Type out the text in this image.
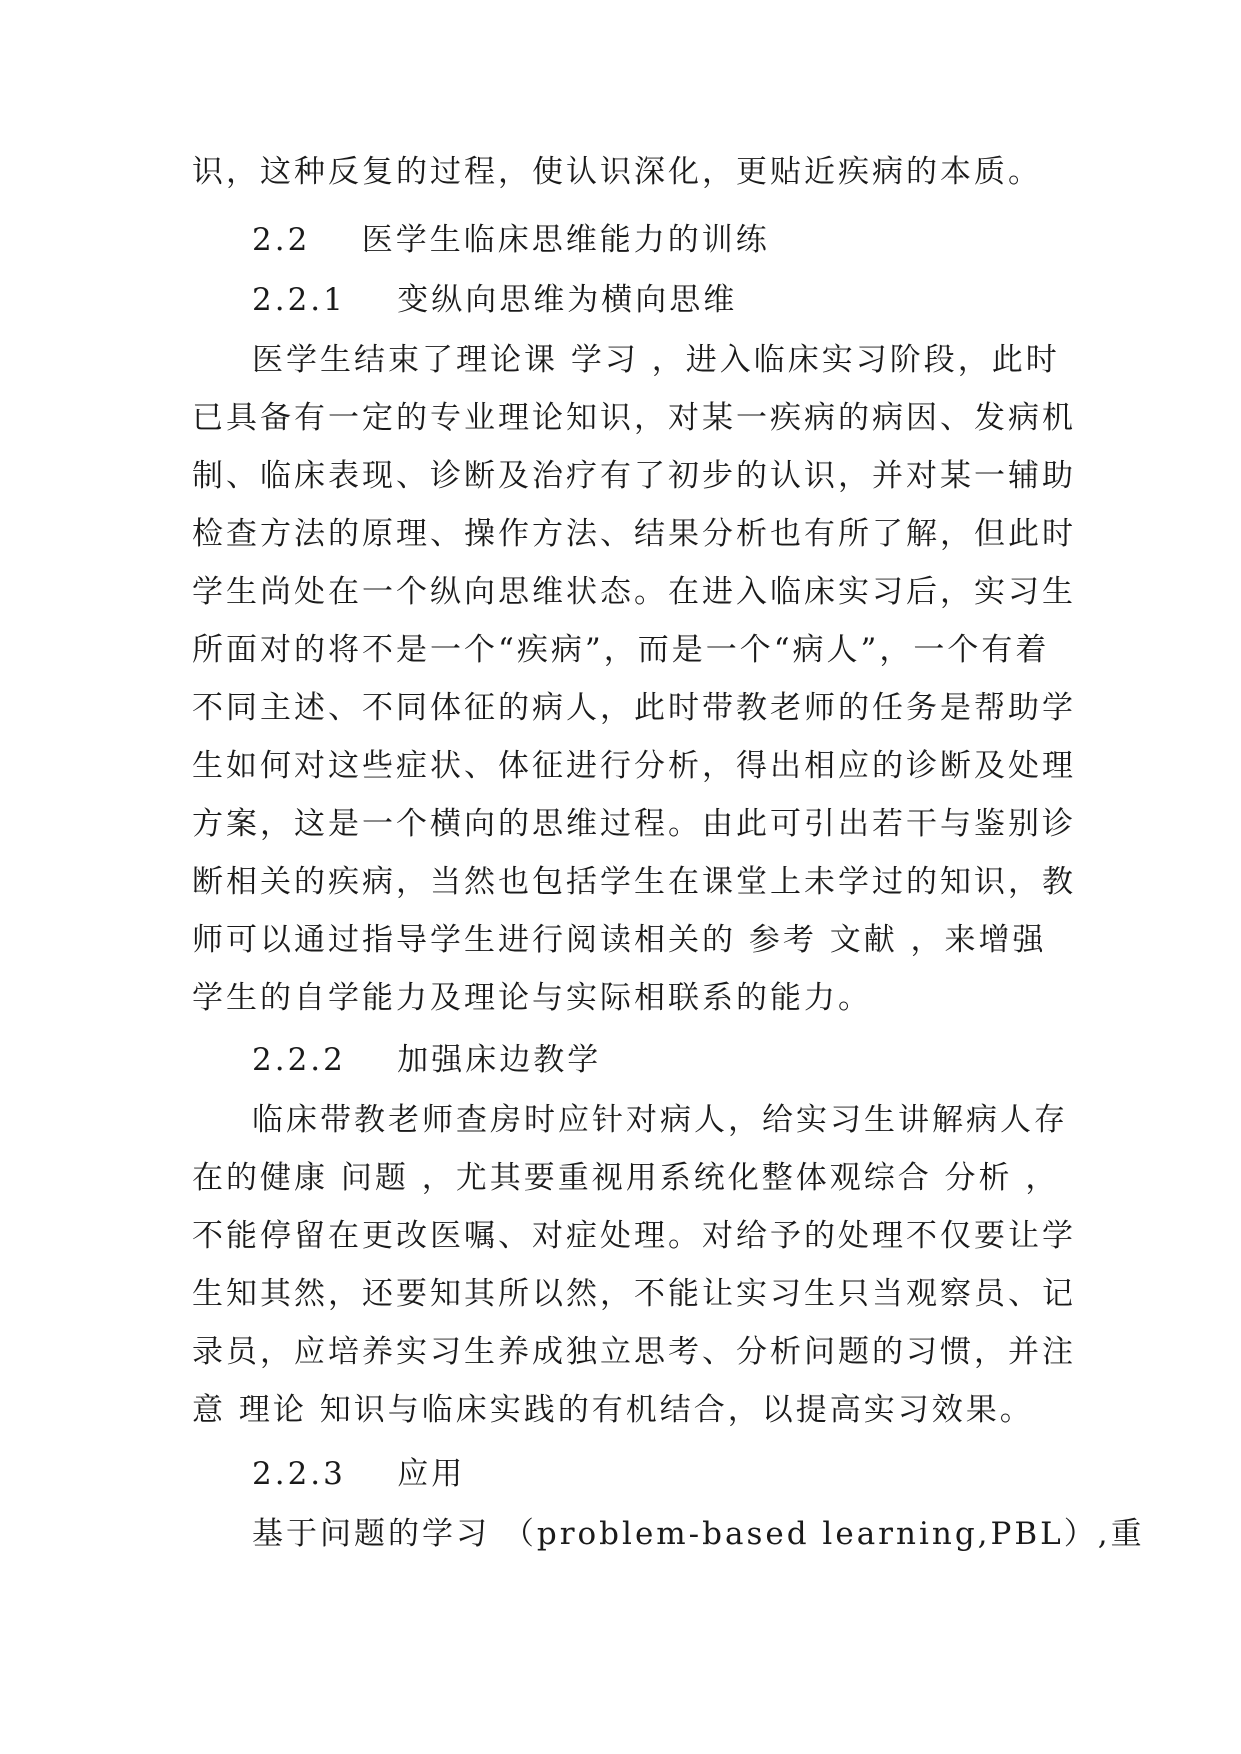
识，这种反复的过程，使认识深化，更贴近疾病的本质。
2.2    医学生临床思维能力的训练
2.2.1    变纵向思维为横向思维
医学生结束了理论课 学习 ，进入临床实习阶段，此时
已具备有一定的专业理论知识，对某一疾病的病因、发病机
制、临床表现、诊断及治疗有了初步的认识，并对某一辅助
检查方法的原理、操作方法、结果分析也有所了解，但此时
学生尚处在一个纵向思维状态。在进入临床实习后，实习生
所面对的将不是一个“疾病”，而是一个“病人”，一个有着
不同主述、不同体征的病人，此时带教老师的任务是帮助学
生如何对这些症状、体征进行分析，得出相应的诊断及处理
方案，这是一个横向的思维过程。由此可引出若干与鉴别诊
断相关的疾病，当然也包括学生在课堂上未学过的知识，教
师可以通过指导学生进行阅读相关的 参考 文献 ，来增强
学生的自学能力及理论与实际相联系的能力。
2.2.2    加强床边教学
临床带教老师查房时应针对病人，给实习生讲解病人存
在的健康 问题 ，尤其要重视用系统化整体观综合 分析 ，
不能停留在更改医嘱、对症处理。对给予的处理不仅要让学
生知其然，还要知其所以然，不能让实习生只当观察员、记
录员，应培养实习生养成独立思考、分析问题的习惯，并注
意 理论 知识与临床实践的有机结合，以提高实习效果。
2.2.3    应用
基于问题的学习 （problem-based learning,PBL）,重
